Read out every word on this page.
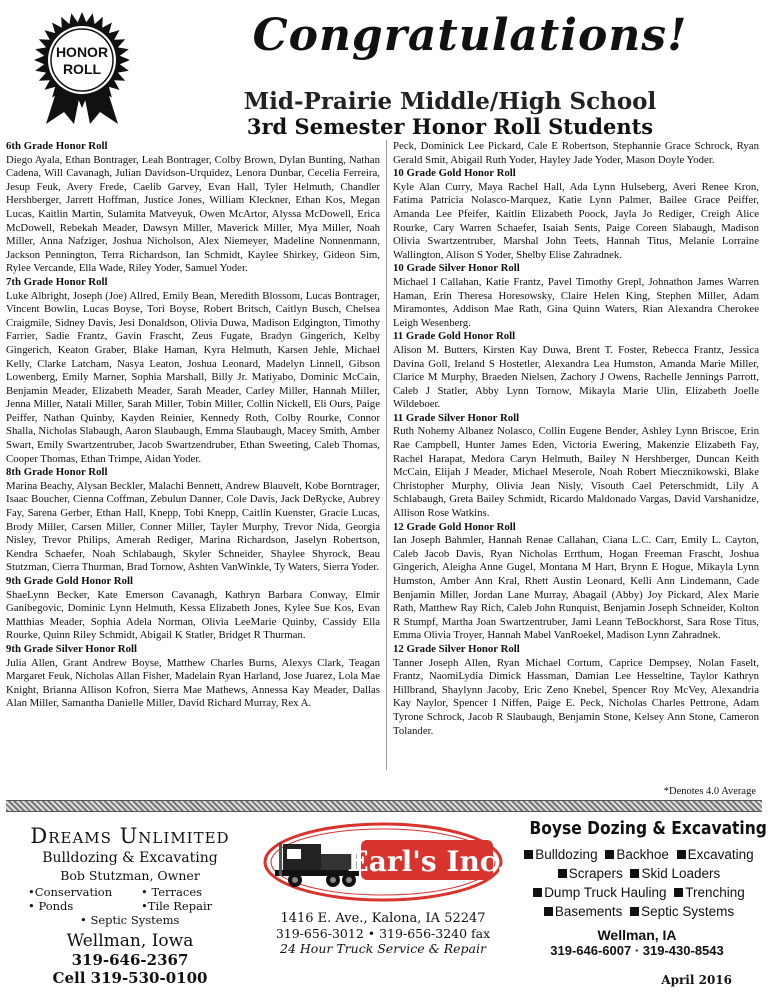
HONOR
ROLL
Congratulations!
Mid-Prairie Middle/High School
3rd Semester Honor Roll Students
6th Grade Honor Roll
Diego Ayala, Ethan Bontrager, Leah Bontrager, Colby Brown, Dylan Bunting, Nathan Cadena, Will Cavanagh, Julian Davidson-Urquidez, Lenora Dunbar, Cecelia Ferreira, Jesup Feuk, Avery Frede, Caelib Garvey, Evan Hall, Tyler Helmuth, Chandler Hershberger, Jarrett Hoffman, Justice Jones, William Kleckner, Ethan Kos, Megan Lucas, Kaitlin Martin, Sulamita Matveyuk, Owen McArtor, Alyssa McDowell, Erica McDowell, Rebekah Meader, Dawsyn Miller, Maverick Miller, Mya Miller, Noah Miller, Anna Nafziger, Joshua Nicholson, Alex Niemeyer, Madeline Nonnenmann, Jackson Pennington, Terra Richardson, Ian Schmidt, Kaylee Shirkey, Gideon Sim, Rylee Vercande, Ella Wade, Riley Yoder, Samuel Yoder.
7th Grade Honor Roll
Luke Albright, Joseph (Joe) Allred, Emily Bean, Meredith Blossom, Lucas Bontrager, Vincent Bowlin, Lucas Boyse, Tori Boyse, Robert Britsch, Caitlyn Busch, Chelsea Craigmile, Sidney Davis, Jesi Donaldson, Olivia Duwa, Madison Edgington, Timothy Farrier, Sadie Frantz, Gavin Frascht, Zeus Fugate, Bradyn Gingerich, Kelby Gingerich, Keaton Graber, Blake Haman, Kyra Helmuth, Karsen Jehle, Michael Kelly, Clarke Latcham, Nasya Leaton, Joshua Leonard, Madelyn Linnell, Gibson Lowenberg, Emily Marner, Sophia Marshall, Billy Jr. Matiyabo, Dominic McCain, Benjamin Meader, Elizabeth Meader, Sarah Meader, Carley Miller, Hannah Miller, Jenna Miller, Natali Miller, Sarah Miller, Tobin Miller, Collin Nickell, Eli Ours, Paige Peiffer, Nathan Quinby, Kayden Reinier, Kennedy Roth, Colby Rourke, Connor Shalla, Nicholas Slabaugh, Aaron Slaubaugh, Emma Slaubaugh, Macey Smith, Amber Swart, Emily Swartzentruber, Jacob Swartzendruber, Ethan Sweeting, Caleb Thomas, Cooper Thomas, Ethan Trimpe, Aidan Yoder.
8th Grade Honor Roll
Marina Beachy, Alysan Beckler, Malachi Bennett, Andrew Blauvelt, Kobe Borntrager, Isaac Boucher, Cienna Coffman, Zebulun Danner, Cole Davis, Jack DeRycke, Aubrey Fay, Sarena Gerber, Ethan Hall, Knepp, Tobi Knepp, Caitlin Kuenster, Gracie Lucas, Brody Miller, Carsen Miller, Conner Miller, Tayler Murphy, Trevor Nida, Georgia Nisley, Trevor Philips, Amerah Rediger, Marina Richardson, Jaselyn Robertson, Kendra Schaefer, Noah Schlabaugh, Skyler Schneider, Shaylee Shyrock, Beau Stutzman, Cierra Thurman, Brad Tornow, Ashten VanWinkle, Ty Waters, Sierra Yoder.
9th Grade Gold Honor Roll
ShaeLynn Becker, Kate Emerson Cavanagh, Kathryn Barbara Conway, Elmir Ganibegovic, Dominic Lynn Helmuth, Kessa Elizabeth Jones, Kylee Sue Kos, Evan Matthias Meader, Sophia Adela Norman, Olivia LeeMarie Quinby, Cassidy Ella Rourke, Quinn Riley Schmidt, Abigail K Statler, Bridget R Thurman.
9th Grade Silver Honor Roll
Julia Allen, Grant Andrew Boyse, Matthew Charles Burns, Alexys Clark, Teagan Margaret Feuk, Nicholas Allan Fisher, Madelain Ryan Harland, Jose Juarez, Lola Mae Knight, Brianna Allison Kofron, Sierra Mae Mathews, Annessa Kay Meader, Dallas Alan Miller, Samantha Danielle Miller, David Richard Murray, Rex A.
Peck, Dominick Lee Pickard, Cale E Robertson, Stephannie Grace Schrock, Ryan Gerald Smit, Abigail Ruth Yoder, Hayley Jade Yoder, Mason Doyle Yoder.
10 Grade Gold Honor Roll
Kyle Alan Curry, Maya Rachel Hall, Ada Lynn Hulseberg, Averi Renee Kron, Fatima Patricia Nolasco-Marquez, Katie Lynn Palmer, Bailee Grace Peiffer, Amanda Lee Pfeifer, Kaitlin Elizabeth Poock, Jayla Jo Rediger, Creigh Alice Rourke, Cary Warren Schaefer, Isaiah Sents, Paige Coreen Slabaugh, Madison Olivia Swartzentruber, Marshal John Teets, Hannah Titus, Melanie Lorraine Wallington, Alison S Yoder, Shelby Elise Zahradnek.
10 Grade Silver Honor Roll
Michael I Callahan, Katie Frantz, Pavel Timothy Grepl, Johnathon James Warren Haman, Erin Theresa Horesowsky, Claire Helen King, Stephen Miller, Adam Miramontes, Addison Mae Rath, Gina Quinn Waters, Rian Alexandra Cherokee Leigh Wesenberg.
11 Grade Gold Honor Roll
Alison M. Butters, Kirsten Kay Duwa, Brent T. Foster, Rebecca Frantz, Jessica Davina Goll, Ireland S Hostetler, Alexandra Lea Humston, Amanda Marie Miller, Clarice M Murphy, Braeden Nielsen, Zachory J Owens, Rachelle Jennings Parrott, Caleb J Statler, Abby Lynn Tornow, Mikayla Marie Ulin, Elizabeth Joelle Wildeboer.
11 Grade Silver Honor Roll
Ruth Nohemy Albanez Nolasco, Collin Eugene Bender, Ashley Lynn Briscoe, Erin Rae Campbell, Hunter James Eden, Victoria Ewering, Makenzie Elizabeth Fay, Rachel Harapat, Medora Caryn Helmuth, Bailey N Hershberger, Duncan Keith McCain, Elijah J Meader, Michael Meserole, Noah Robert Miecznikowski, Blake Christopher Murphy, Olivia Jean Nisly, Visouth Cael Peterschmidt, Lily A Schlabaugh, Greta Bailey Schmidt, Ricardo Maldonado Vargas, David Varshanidze, Allison Rose Watkins.
12 Grade Gold Honor Roll
Ian Joseph Bahmler, Hannah Renae Callahan, Ciana L.C. Carr, Emily L. Cayton, Caleb Jacob Davis, Ryan Nicholas Errthum, Hogan Freeman Frascht, Joshua Gingerich, Aleigha Anne Gugel, Montana M Hart, Brynn E Hogue, Mikayla Lynn Humston, Amber Ann Kral, Rhett Austin Leonard, Kelli Ann Lindemann, Cade Benjamin Miller, Jordan Lane Murray, Abagail (Abby) Joy Pickard, Alex Marie Rath, Matthew Ray Rich, Caleb John Runquist, Benjamin Joseph Schneider, Kolton R Stumpf, Martha Joan Swartzentruber, Jami Leann TeBockhorst, Sara Rose Titus, Emma Olivia Troyer, Hannah Mabel VanRoekel, Madison Lynn Zahradnek.
12 Grade Silver Honor Roll
Tanner Joseph Allen, Ryan Michael Cortum, Caprice Dempsey, Nolan Faselt, Frantz, NaomiLydia Dimick Hassman, Damian Lee Hesseltine, Taylor Kathryn Hillbrand, Shaylynn Jacoby, Eric Zeno Knebel, Spencer Roy McVey, Alexandria Kay Naylor, Spencer I Niffen, Paige E. Peck, Nicholas Charles Pettrone, Adam Tyrone Schrock, Jacob R Slaubaugh, Benjamin Stone, Kelsey Ann Stone, Cameron Tolander.
*Denotes 4.0 Average
Dreams Unlimited
Bulldozing & Excavating
Bob Stutzman, Owner
•Conservation	• Terraces
• Ponds	•Tile Repair
• Septic Systems
Wellman, Iowa
319-646-2367
Cell 319-530-0100
Earl's Inc.
1416 E. Ave., Kalona, IA 52247
319-656-3012 • 319-656-3240 fax
24 Hour Truck Service & Repair
Boyse Dozing & Excavating
Bulldozing Backhoe Excavating
Scrapers Skid Loaders
Dump Truck Hauling Trenching
Basements Septic Systems
Wellman, IA
319-646-6007 · 319-430-8543
April 2016
